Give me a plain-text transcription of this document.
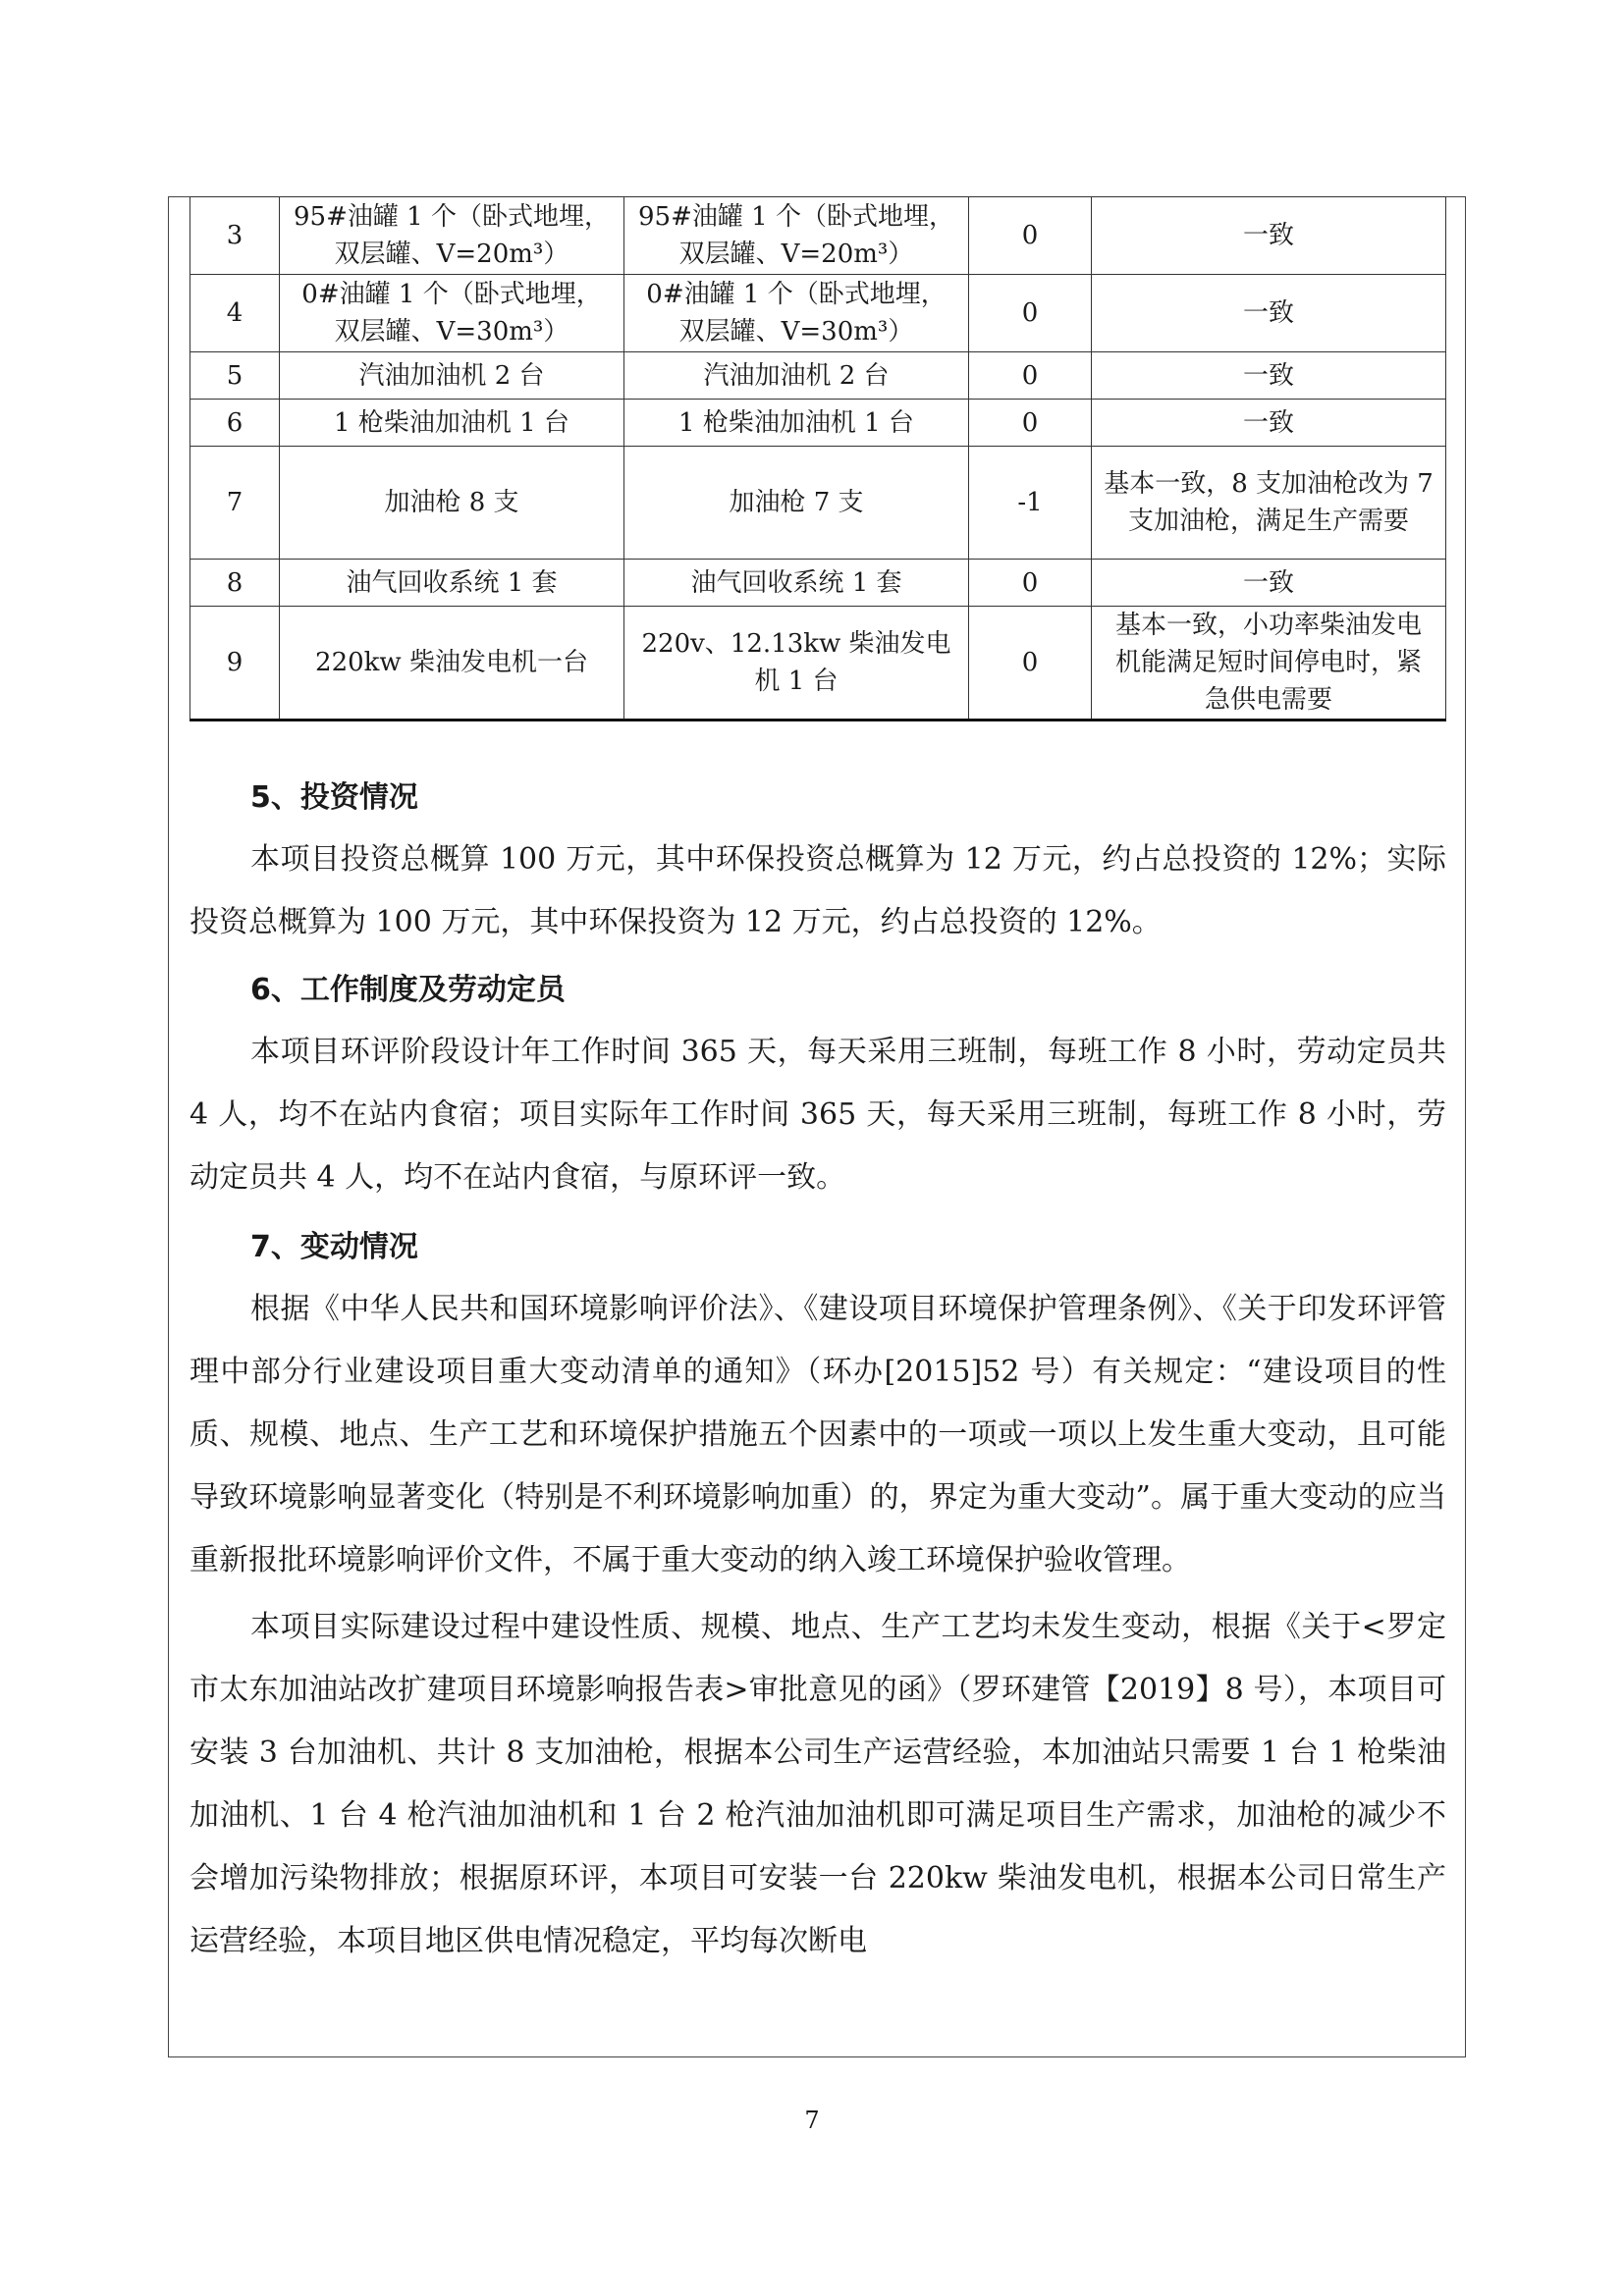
3	95#油罐 1 个（卧式地埋，双层罐、V=20m³）	95#油罐 1 个（卧式地埋，双层罐、V=20m³）	0	一致
4	0#油罐 1 个（卧式地埋，双层罐、V=30m³）	0#油罐 1 个（卧式地埋，双层罐、V=30m³）	0	一致
5	汽油加油机 2 台	汽油加油机 2 台	0	一致
6	1 枪柴油加油机 1 台	1 枪柴油加油机 1 台	0	一致
7	加油枪 8 支	加油枪 7 支	-1	基本一致，8 支加油枪改为 7 支加油枪，满足生产需要
8	油气回收系统 1 套	油气回收系统 1 套	0	一致
9	220kw 柴油发电机一台	220v、12.13kw 柴油发电机 1 台	0	基本一致，小功率柴油发电机能满足短时间停电时，紧急供电需要
5、投资情况

本项目投资总概算 100 万元，其中环保投资总概算为 12 万元，约占总投资的 12%；实际投资总概算为 100 万元，其中环保投资为 12 万元，约占总投资的 12%。

6、工作制度及劳动定员

本项目环评阶段设计年工作时间 365 天，每天采用三班制，每班工作 8 小时，劳动定员共 4 人，均不在站内食宿；项目实际年工作时间 365 天，每天采用三班制，每班工作 8 小时，劳动定员共 4 人，均不在站内食宿，与原环评一致。

7、变动情况

根据《中华人民共和国环境影响评价法》、《建设项目环境保护管理条例》、《关于印发环评管理中部分行业建设项目重大变动清单的通知》（环办[2015]52 号）有关规定：“建设项目的性质、规模、地点、生产工艺和环境保护措施五个因素中的一项或一项以上发生重大变动，且可能导致环境影响显著变化（特别是不利环境影响加重）的，界定为重大变动”。属于重大变动的应当重新报批环境影响评价文件，不属于重大变动的纳入竣工环境保护验收管理。

本项目实际建设过程中建设性质、规模、地点、生产工艺均未发生变动，根据《关于<罗定市太东加油站改扩建项目环境影响报告表>审批意见的函》（罗环建管【2019】8 号），本项目可安装 3 台加油机、共计 8 支加油枪，根据本公司生产运营经验，本加油站只需要 1 台 1 枪柴油加油机、1 台 4 枪汽油加油机和 1 台 2 枪汽油加油机即可满足项目生产需求，加油枪的减少不会增加污染物排放；根据原环评，本项目可安装一台 220kw 柴油发电机，根据本公司日常生产运营经验，本项目地区供电情况稳定，平均每次断电

7
